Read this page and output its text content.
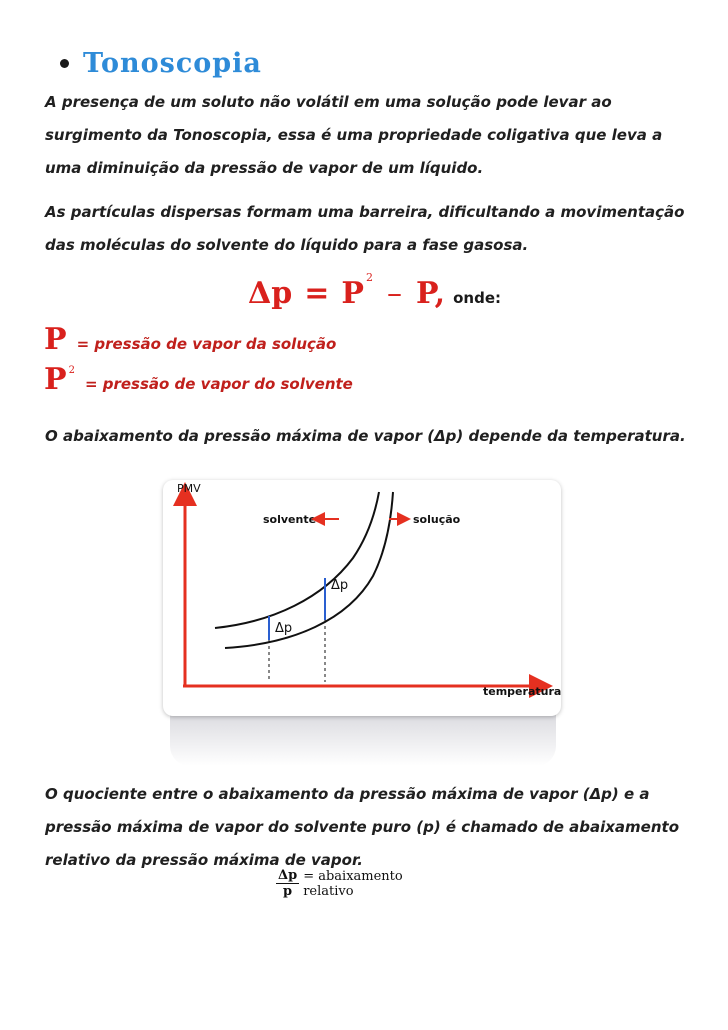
Tonoscopia
A presença de um soluto não volátil em uma solução pode levar ao surgimento da Tonoscopia, essa é uma propriedade coligativa que leva a uma diminuição da pressão de vapor de um líquido.
As partículas dispersas formam uma barreira, dificultando a movimentação das moléculas do solvente do líquido para a fase gasosa.
Δp = P 2 – P, onde:
P = pressão de vapor da solução
P 2
= pressão de vapor do solvente
O abaixamento da pressão máxima de vapor (Δp) depende da temperatura.
PMV
temperatura
Δp
Δp
solvente	solução
O quociente entre o abaixamento da pressão máxima de vapor (Δp) e a pressão máxima de vapor do solvente puro (p) é chamado de abaixamento relativo da pressão máxima de vapor.
$\frac{\Delta p}{p}$ = abaixamento relativo
